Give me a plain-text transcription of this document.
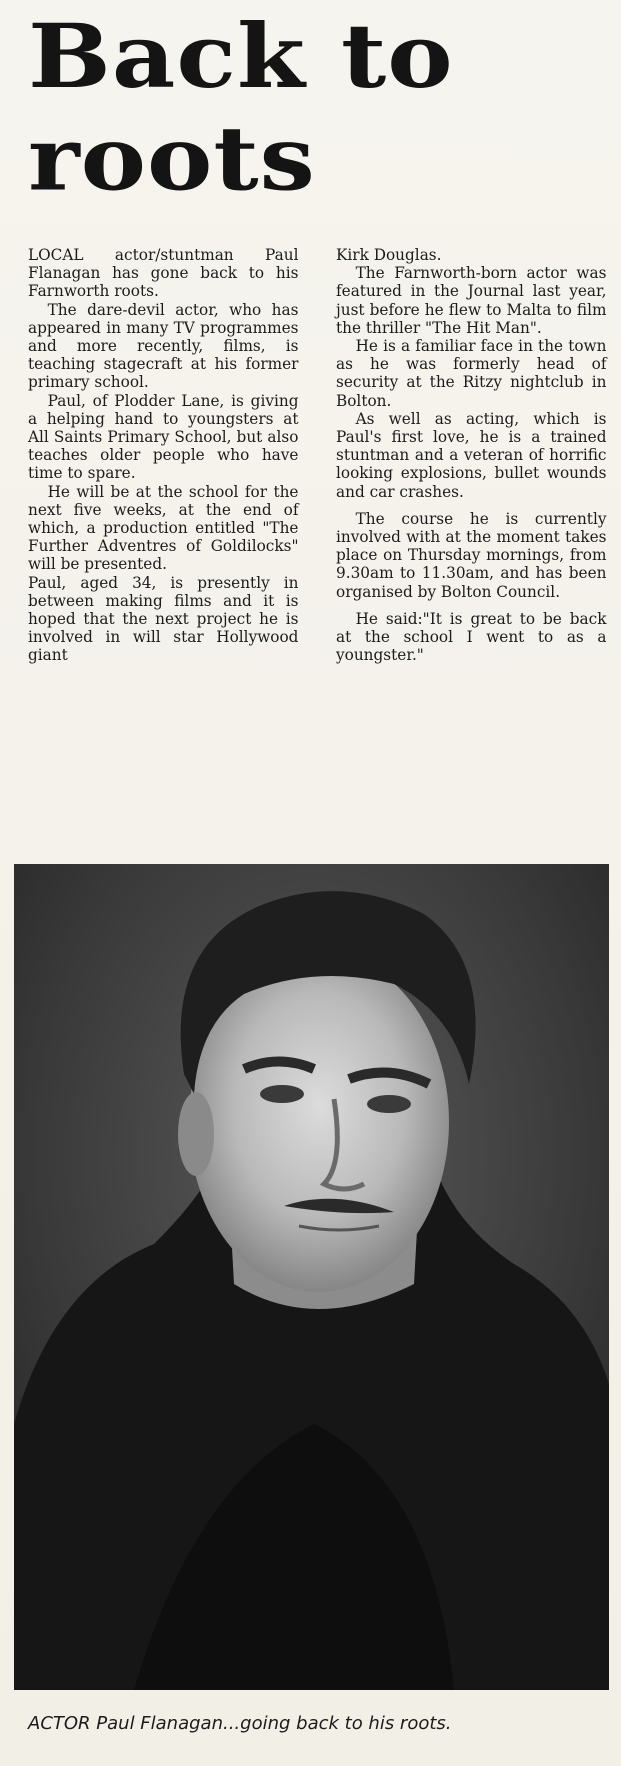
Back to
roots

LOCAL actor/stuntman Paul Flanagan has gone back to his Farnworth roots.

The dare-devil actor, who has appeared in many TV programmes and more recently, films, is teaching stagecraft at his former primary school.

Paul, of Plodder Lane, is giving a helping hand to youngsters at All Saints Primary School, but also teaches older people who have time to spare.

He will be at the school for the next five weeks, at the end of which, a production entitled "The Further Adventres of Goldilocks" will be presented.

Paul, aged 34, is presently in between making films and it is hoped that the next project he is involved in will star Hollywood giant

Kirk Douglas.

The Farnworth-born actor was featured in the Journal last year, just before he flew to Malta to film the thriller "The Hit Man".

He is a familiar face in the town as he was formerly head of security at the Ritzy nightclub in Bolton.

As well as acting, which is Paul's first love, he is a trained stuntman and a veteran of horrific looking explosions, bullet wounds and car crashes.

The course he is currently involved with at the moment takes place on Thursday mornings, from 9.30am to 11.30am, and has been organised by Bolton Council.

He said:"It is great to be back at the school I went to as a youngster."

ACTOR Paul Flanagan...going back to his roots.
